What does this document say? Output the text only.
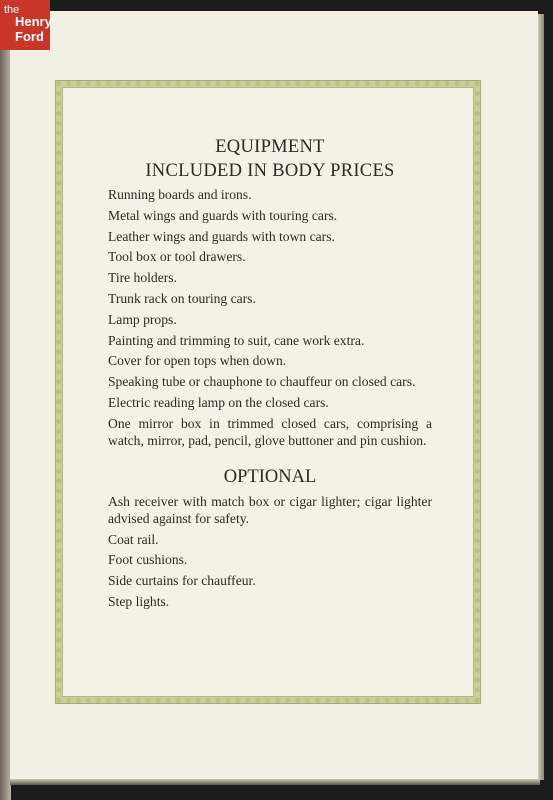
the
Henry
Ford
EQUIPMENT
INCLUDED IN BODY PRICES
Running boards and irons.
Metal wings and guards with touring cars.
Leather wings and guards with town cars.
Tool box or tool drawers.
Tire holders.
Trunk rack on touring cars.
Lamp props.
Painting and trimming to suit, cane work extra.
Cover for open tops when down.
Speaking tube or chauphone to chauffeur on closed cars.
Electric reading lamp on the closed cars.
One mirror box in trimmed closed cars, comprising a watch, mirror, pad, pencil, glove buttoner and pin cushion.
OPTIONAL
Ash receiver with match box or cigar lighter; cigar lighter advised against for safety.
Coat rail.
Foot cushions.
Side curtains for chauffeur.
Step lights.
